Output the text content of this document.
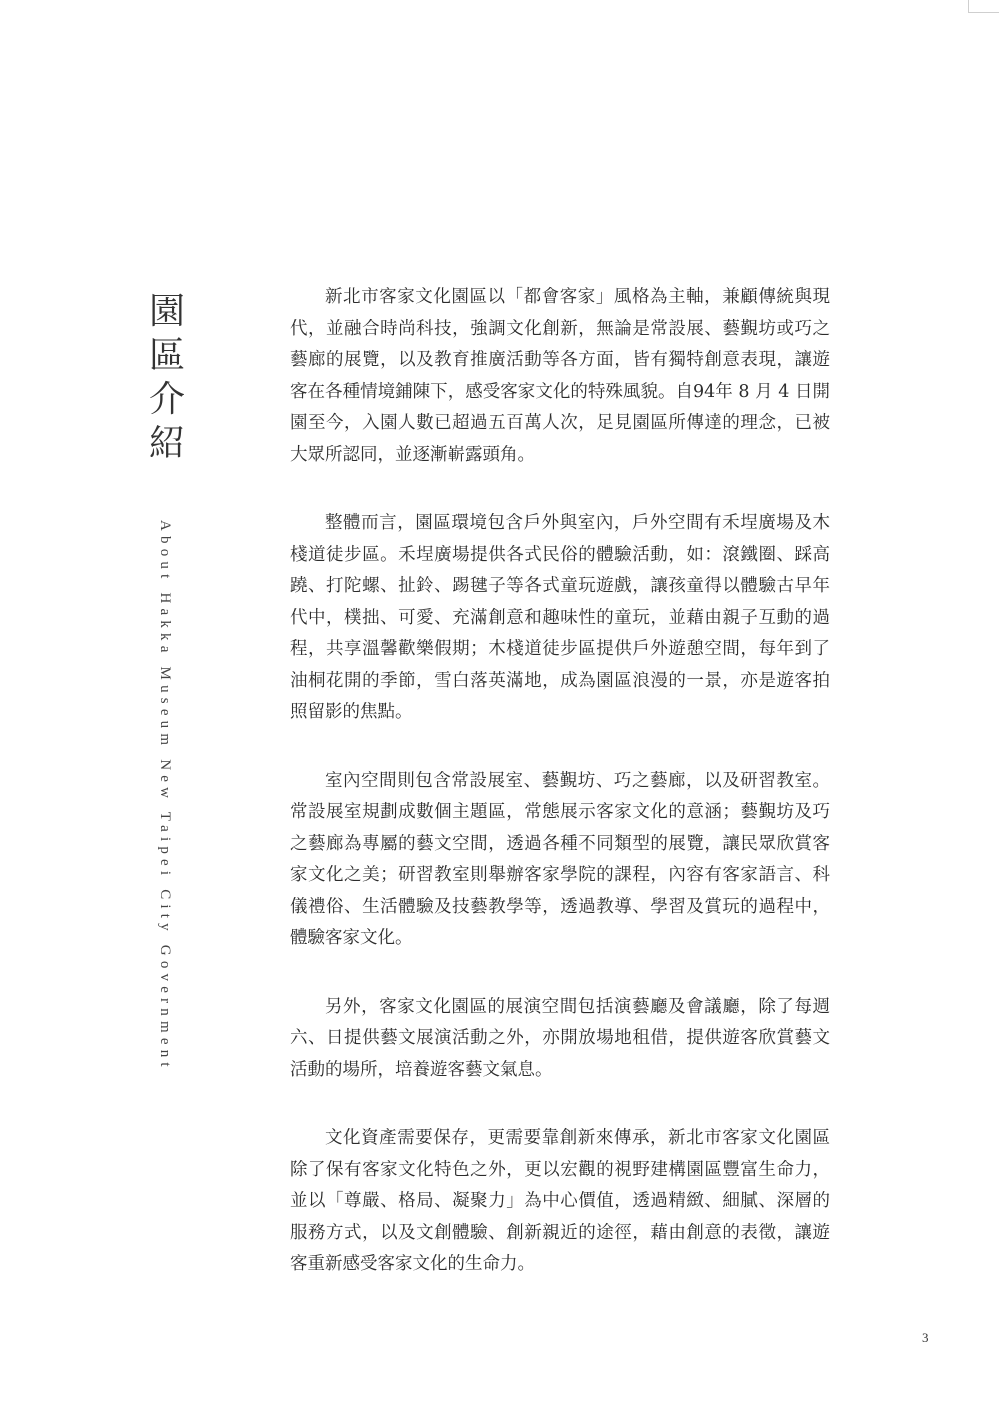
園
區
介
紹
About Hakka Museum New Taipei City Government

新北市客家文化園區以「都會客家」風格為主軸，兼顧傳統與現代，並融合時尚科技，強調文化創新，無論是常設展、藝覲坊或巧之藝廊的展覽，以及教育推廣活動等各方面，皆有獨特創意表現，讓遊客在各種情境鋪陳下，感受客家文化的特殊風貌。自94年 8 月 4 日開園至今，入園人數已超過五百萬人次，足見園區所傳達的理念，已被大眾所認同，並逐漸嶄露頭角。

整體而言，園區環境包含戶外與室內，戶外空間有禾埕廣場及木棧道徒步區。禾埕廣場提供各式民俗的體驗活動，如：滾鐵圈、踩高蹺、打陀螺、扯鈴、踢毽子等各式童玩遊戲，讓孩童得以體驗古早年代中，樸拙、可愛、充滿創意和趣味性的童玩，並藉由親子互動的過程，共享溫馨歡樂假期；木棧道徒步區提供戶外遊憩空間，每年到了油桐花開的季節，雪白落英滿地，成為園區浪漫的一景，亦是遊客拍照留影的焦點。

室內空間則包含常設展室、藝覲坊、巧之藝廊，以及研習教室。常設展室規劃成數個主題區，常態展示客家文化的意涵；藝覲坊及巧之藝廊為專屬的藝文空間，透過各種不同類型的展覽，讓民眾欣賞客家文化之美；研習教室則舉辦客家學院的課程，內容有客家語言、科儀禮俗、生活體驗及技藝教學等，透過教導、學習及賞玩的過程中，體驗客家文化。

另外，客家文化園區的展演空間包括演藝廳及會議廳，除了每週六、日提供藝文展演活動之外，亦開放場地租借，提供遊客欣賞藝文活動的場所，培養遊客藝文氣息。

文化資產需要保存，更需要靠創新來傳承，新北市客家文化園區除了保有客家文化特色之外，更以宏觀的視野建構園區豐富生命力，並以「尊嚴、格局、凝聚力」為中心價值，透過精緻、細膩、深層的服務方式，以及文創體驗、創新親近的途徑，藉由創意的表徵，讓遊客重新感受客家文化的生命力。

3
